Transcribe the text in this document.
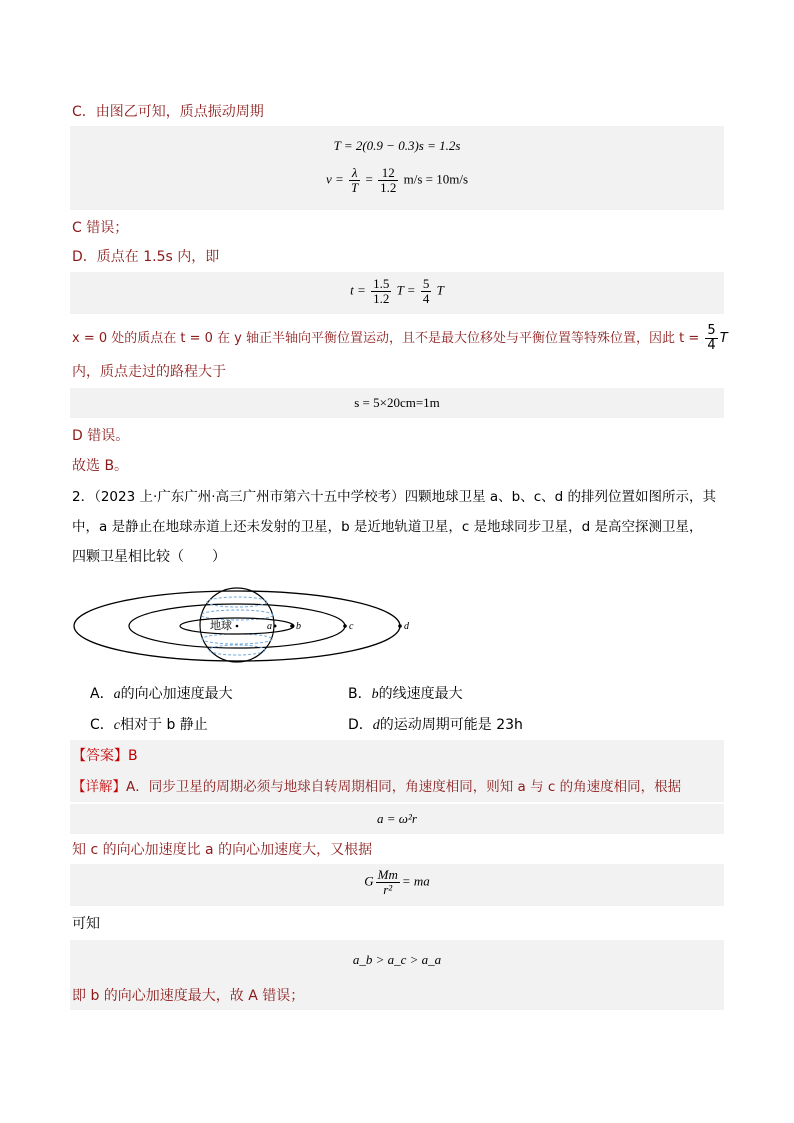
C．由图乙可知，质点振动周期
T = 2(0.9 − 0.3)s = 1.2s
$v = \frac{\lambda}{T} = \frac{12}{1.2} m/s = 10m/s$
C 错误；
D．质点在 1.5s 内，即
$t = \frac{1.5}{1.2}$ $T = \frac{5}{4}$ T
x = 0 处的质点在 t = 0 在 y 轴正半轴向平衡位置运动，且不是最大位移处与平衡位置等特殊位置，因此 $t = \frac{5}{4}$ T
内，质点走过的路程大于
s = 5×20cm=1m
D 错误。
故选 B。
2．（2023 上·广东广州·高三广州市第六十五中学校考）四颗地球卫星 a、b、c、d 的排列位置如图所示，其
中，a 是静止在地球赤道上还未发射的卫星，b 是近地轨道卫星，c 是地球同步卫星，d 是高空探测卫星，
四颗卫星相比较（　　）
地球	a b	c	d
A．a的向心加速度最大	B．b的线速度最大
C．c相对于 b 静止	D．d的运动周期可能是 23h
【答案】B
【详解】A．同步卫星的周期必须与地球自转周期相同，角速度相同，则知 a 与 c 的角速度相同，根据
a = ω²r
知 c 的向心加速度比 a 的向心加速度大，又根据
G $\frac{Mm}{\text{r²}}$ = ma
可知
a_b > a_c > a_a
即 b 的向心加速度最大，故 A 错误；
